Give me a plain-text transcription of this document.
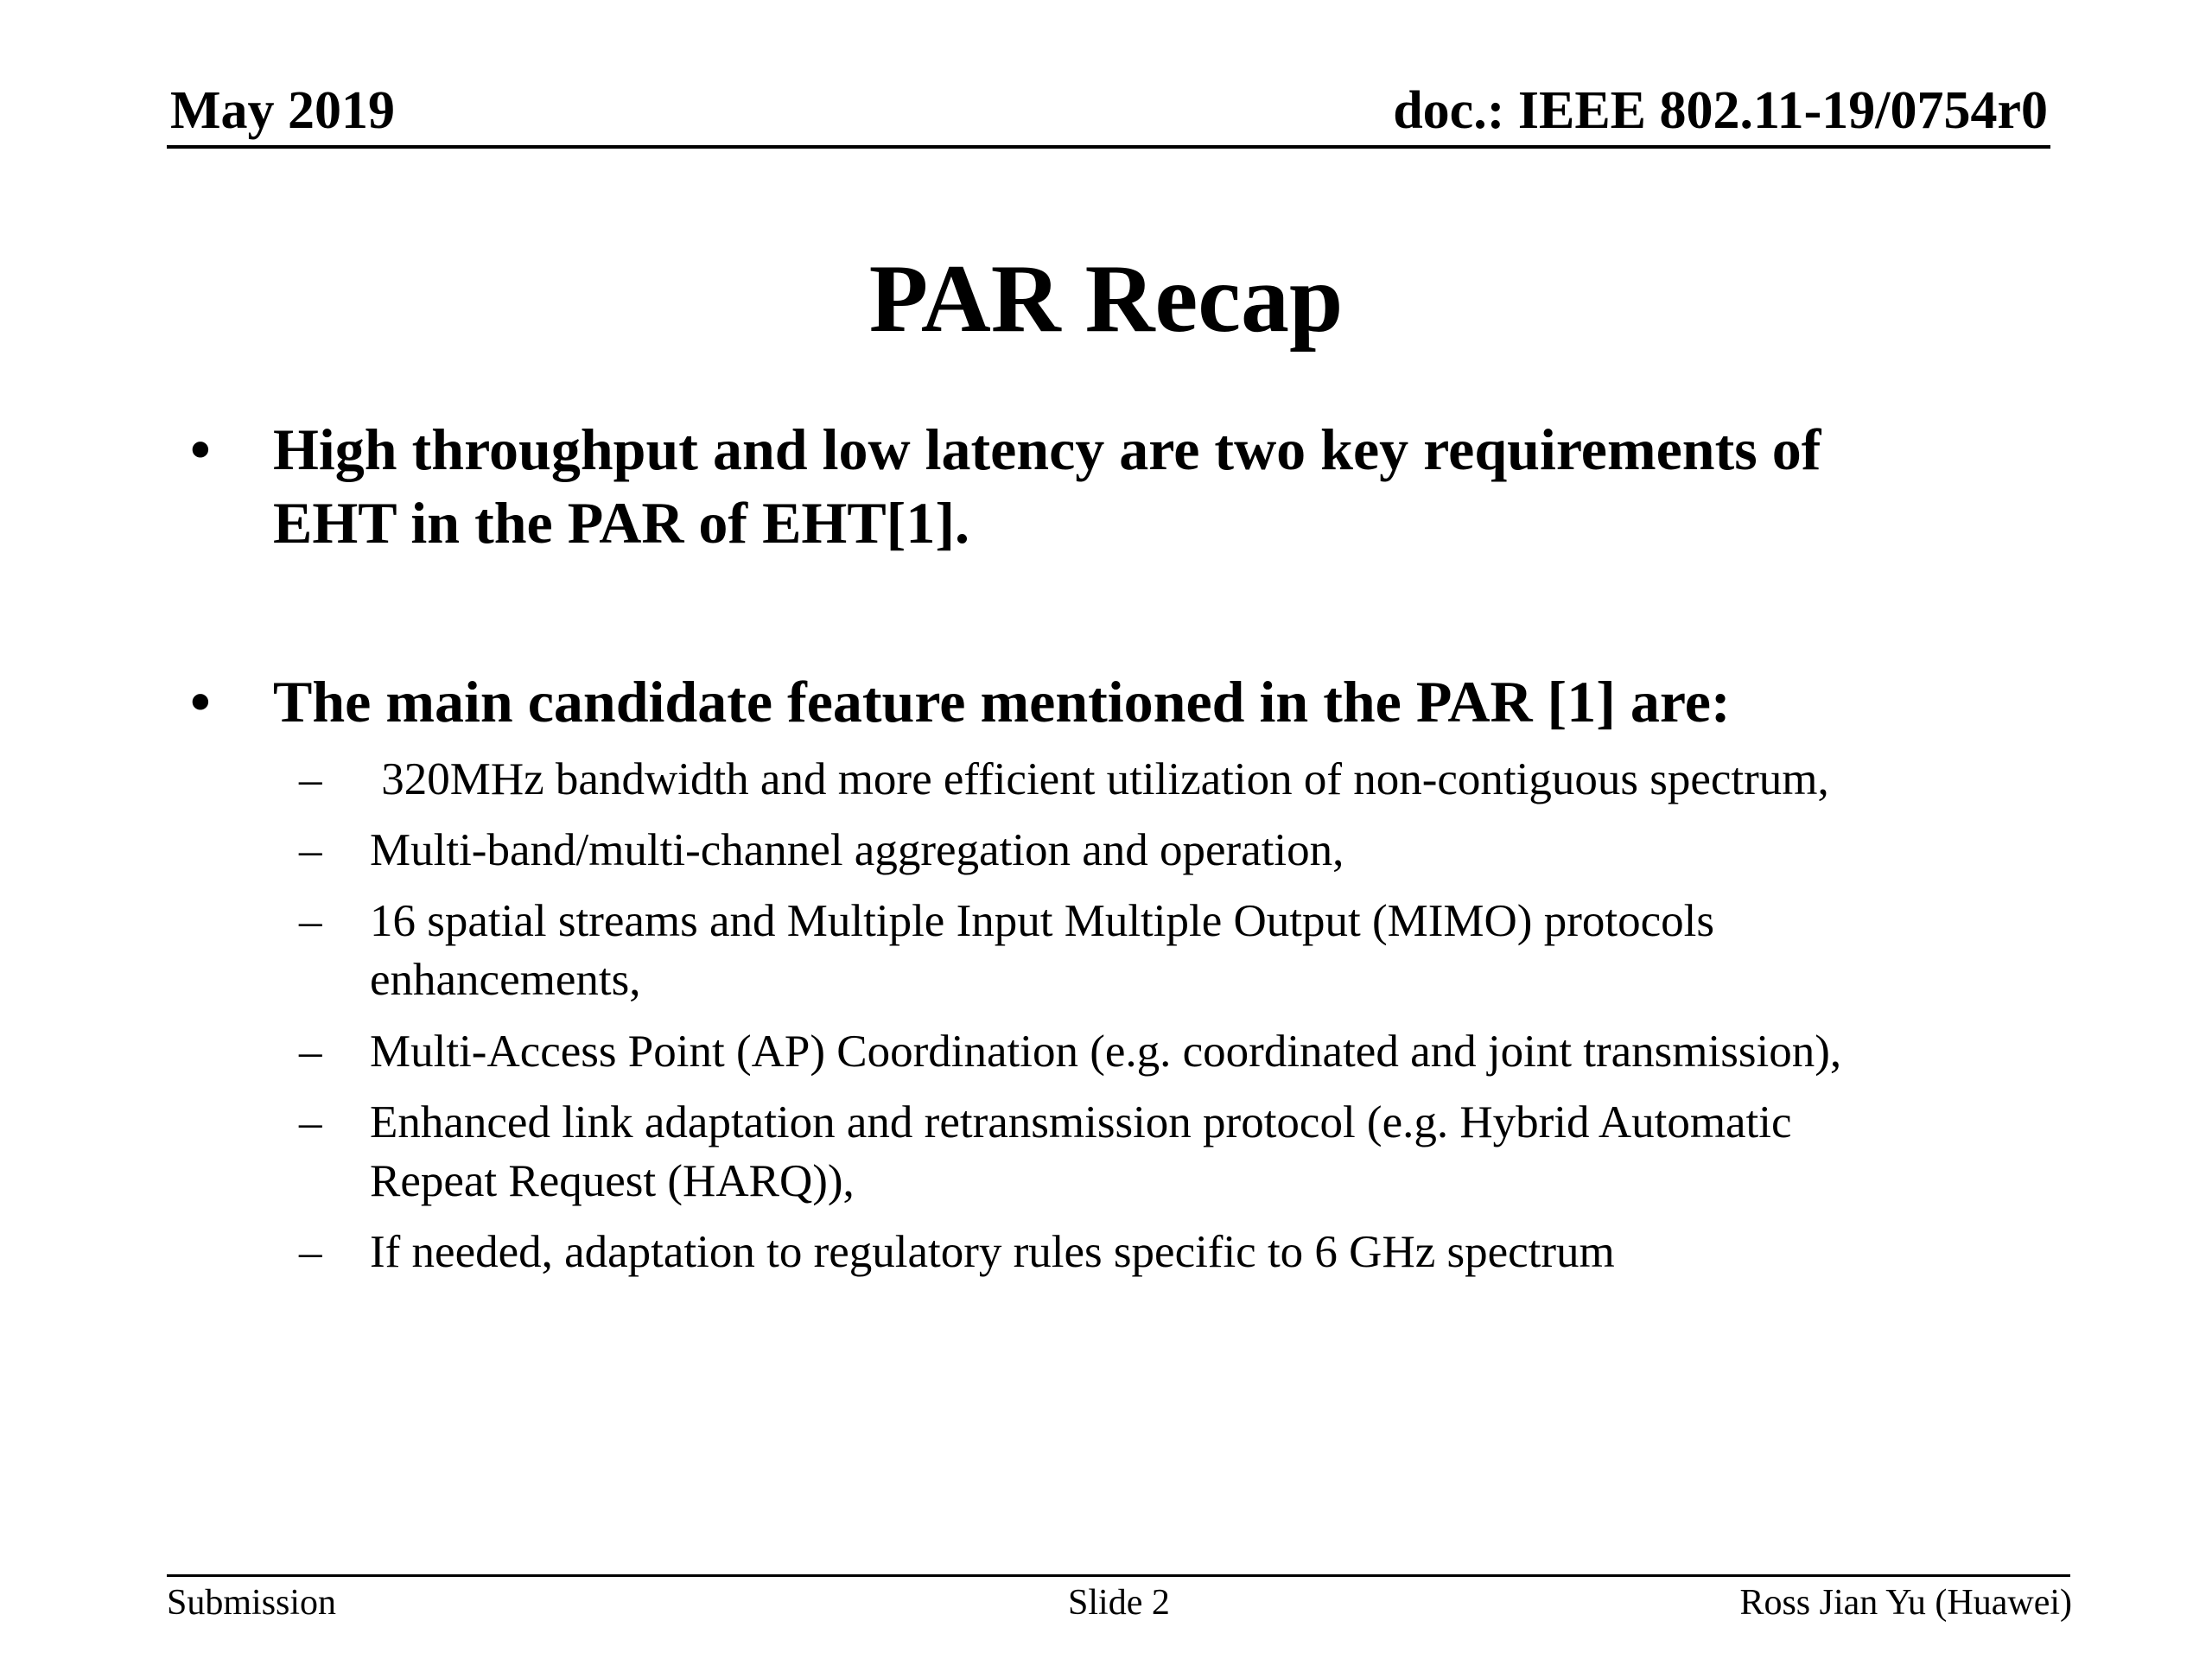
May 2019	doc.: IEEE 802.11-19/0754r0
PAR Recap
• High throughput and low latency are two key requirements of
EHT in the PAR of EHT[1].
• The main candidate feature mentioned in the PAR [1] are:
– 320MHz bandwidth and more efficient utilization of non-contiguous spectrum,
– Multi-band/multi-channel aggregation and operation,
– 16 spatial streams and Multiple Input Multiple Output (MIMO) protocols
enhancements,
– Multi-Access Point (AP) Coordination (e.g. coordinated and joint transmission),
– Enhanced link adaptation and retransmission protocol (e.g. Hybrid Automatic
Repeat Request (HARQ)),
– If needed, adaptation to regulatory rules specific to 6 GHz spectrum
Submission	Slide 2	Ross Jian Yu (Huawei)
